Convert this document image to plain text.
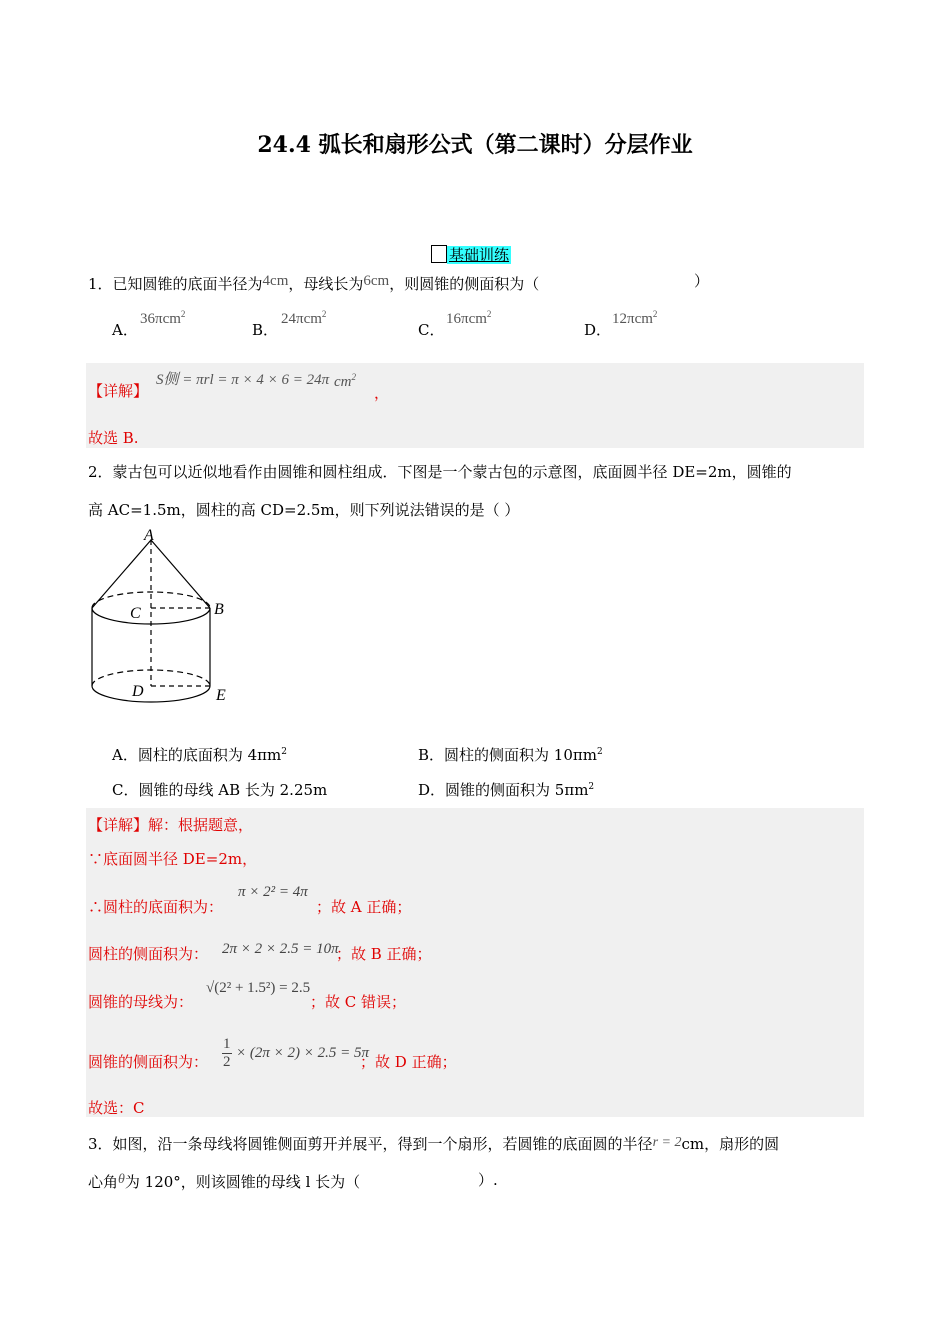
24.4 弧长和扇形公式（第二课时）分层作业
基础训练
1．已知圆锥的底面半径为4cm，母线长为6cm，则圆锥的侧面积为（	）
A．
36πcm$^2$
B．
24πcm$^2$
C．
16πcm$^2$
D．
12πcm$^2$
【详解】
S侧 = πrl = π × 4 × 6 = 24π $cm^2$
，
故选 B.
2．蒙古包可以近似地看作由圆锥和圆柱组成．下图是一个蒙古包的示意图，底面圆半径 DE=2m，圆锥的
高 AC=1.5m，圆柱的高 CD=2.5m，则下列说法错误的是（ ）
A
B
C
D	E
A．圆柱的底面积为 $4\pi m^2$	B．圆柱的侧面积为 $10\pi m^2$
C．圆锥的母线 AB 长为 2.25m	D．圆锥的侧面积为 $5\pi m^2$
【详解】解：根据题意，
∵底面圆半径 DE=2m，
∴圆柱的底面积为：
π × 2² = 4π
；故 A 正确；
圆柱的侧面积为： 2π × 2 × 2.5 = 10π
；故 B 正确；
圆锥的母线为：
√(2² + 1.5²) = 2.5
；故 C 错误；
圆锥的侧面积为： $\frac{1}{2} \times (2\pi \times 2) \times 2.5 = 5\pi$
；故 D 正确；
故选：C
3．如图，沿一条母线将圆锥侧面剪开并展平，得到一个扇形，若圆锥的底面圆的半径r = 2cm，扇形的圆
心角θ为 120°，则该圆锥的母线 l 长为（	）.
